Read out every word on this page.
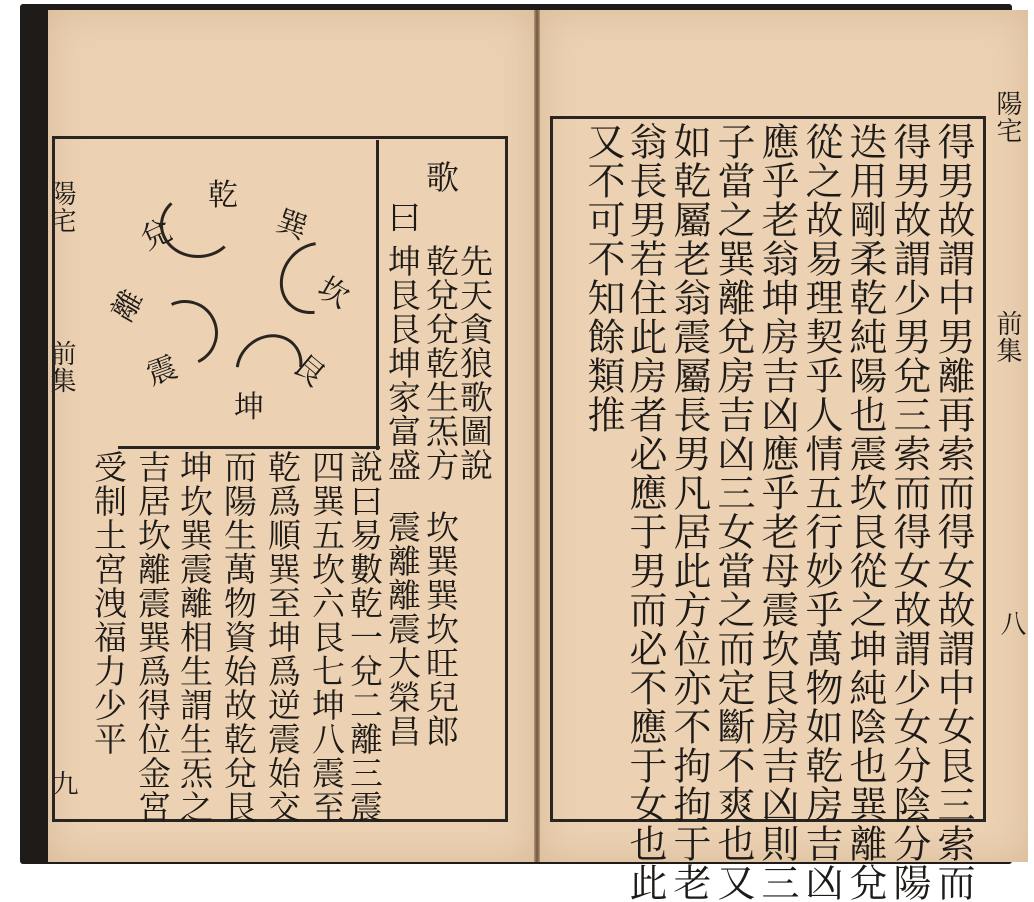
陽宅
前集
九
先天貪狼歌圖說
歌
乾兌兌乾生炁方
坎巽巽坎旺兒郎
曰
坤艮艮坤家富盛
震離離震大榮昌
說曰易數乾一兌二離三震
四巽五坎六艮七坤八震至
乾爲順巽至坤爲逆震始交
而陽生萬物資始故乾兌艮
坤坎巽震離相生謂生炁之
吉居坎離震巽爲得位金宮
受制土宮洩福力少平
乾
兌
離
震
巽
坎
艮
坤
陽宅
前集
八
得男故謂中男離再索而得女故謂中女艮三索而
得男故謂少男兌三索而得女故謂少女分陰分陽
迭用剛柔乾純陽也震坎艮從之坤純陰也巽離兌
從之故易理契乎人情五行妙乎萬物如乾房吉凶
應乎老翁坤房吉凶應乎老母震坎艮房吉凶則三
子當之巽離兌房吉凶三女當之而定斷不爽也又
如乾屬老翁震屬長男凡居此方位亦不拘拘于老
翁長男若住此房者必應于男而必不應于女也此
又不可不知餘類推
